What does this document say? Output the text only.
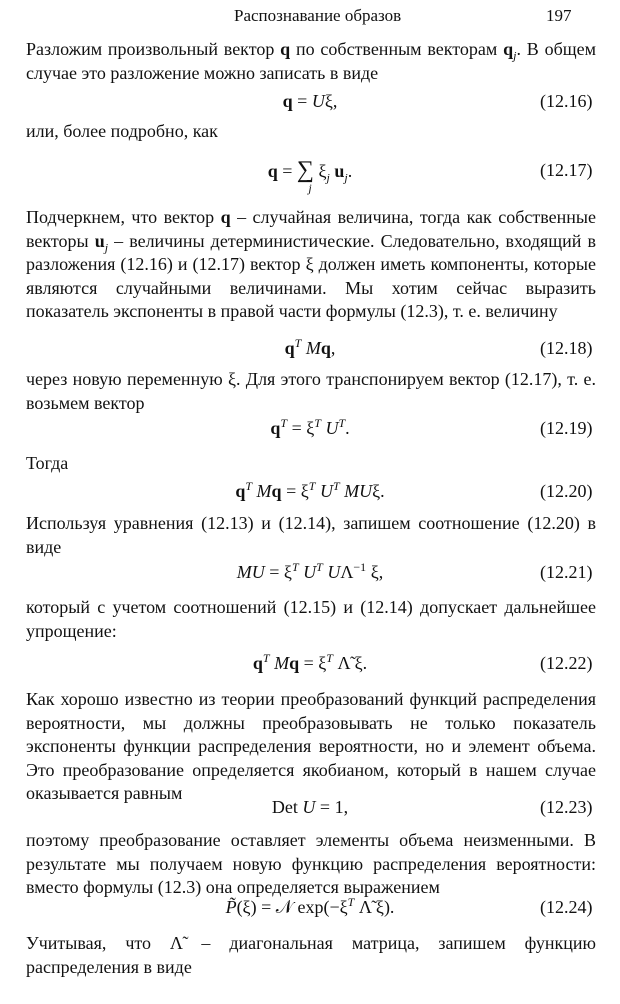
Распознавание образов	197

Разложим произвольный вектор q по собственным векторам $q_j$. В общем случае это разложение можно записать в виде

q = Uξ,	(12.16)

или, более подробно, как

q = ∑ $\xi_j$ $u_j$.
j
(12.17)

Подчеркнем, что вектор q – случайная величина, тогда как собственные векторы $u_j$ – величины детерминистические. Следовательно, входящий в разложения (12.16) и (12.17) вектор ξ должен иметь компоненты, которые являются случайными величинами. Мы хотим сейчас выразить показатель экспоненты в правой части формулы (12.3), т. е. величину

$q^T$ Mq,	(12.18)

через новую переменную ξ. Для этого транспонируем вектор (12.17), т. е. возьмем вектор

$q^T = \xi^T$ $U^T$.	(12.19)

Тогда

$q^T$ $Mq = \xi^T$ $U^T$ MUξ.	(12.20)

Используя уравнения (12.13) и (12.14), запишем соотношение (12.20) в виде

MU = $\xi^T$ $U^T$ $U\Lambda^{-1}$ ξ,	(12.21)

который с учетом соотношений (12.15) и (12.14) допускает дальнейшее упрощение:

$q^T$ $Mq = \xi^T$ Λ̃ ξ.	(12.22)

Как хорошо известно из теории преобразований функций распределения вероятности, мы должны преобразовывать не только показатель экспоненты функции распределения вероятности, но и элемент объема. Это преобразование определяется якобианом, который в нашем случае оказывается равным

Det U = 1,	(12.23)

поэтому преобразование оставляет элементы объема неизменными. В результате мы получаем новую функцию распределения вероятности: вместо формулы (12.3) она определяется выражением

P̃(ξ) = 𝒩 $\exp(-\xi^T$ Λ̃ ξ).	(12.24)

Учитывая, что Λ̃ – диагональная матрица, запишем функцию распределения в виде
